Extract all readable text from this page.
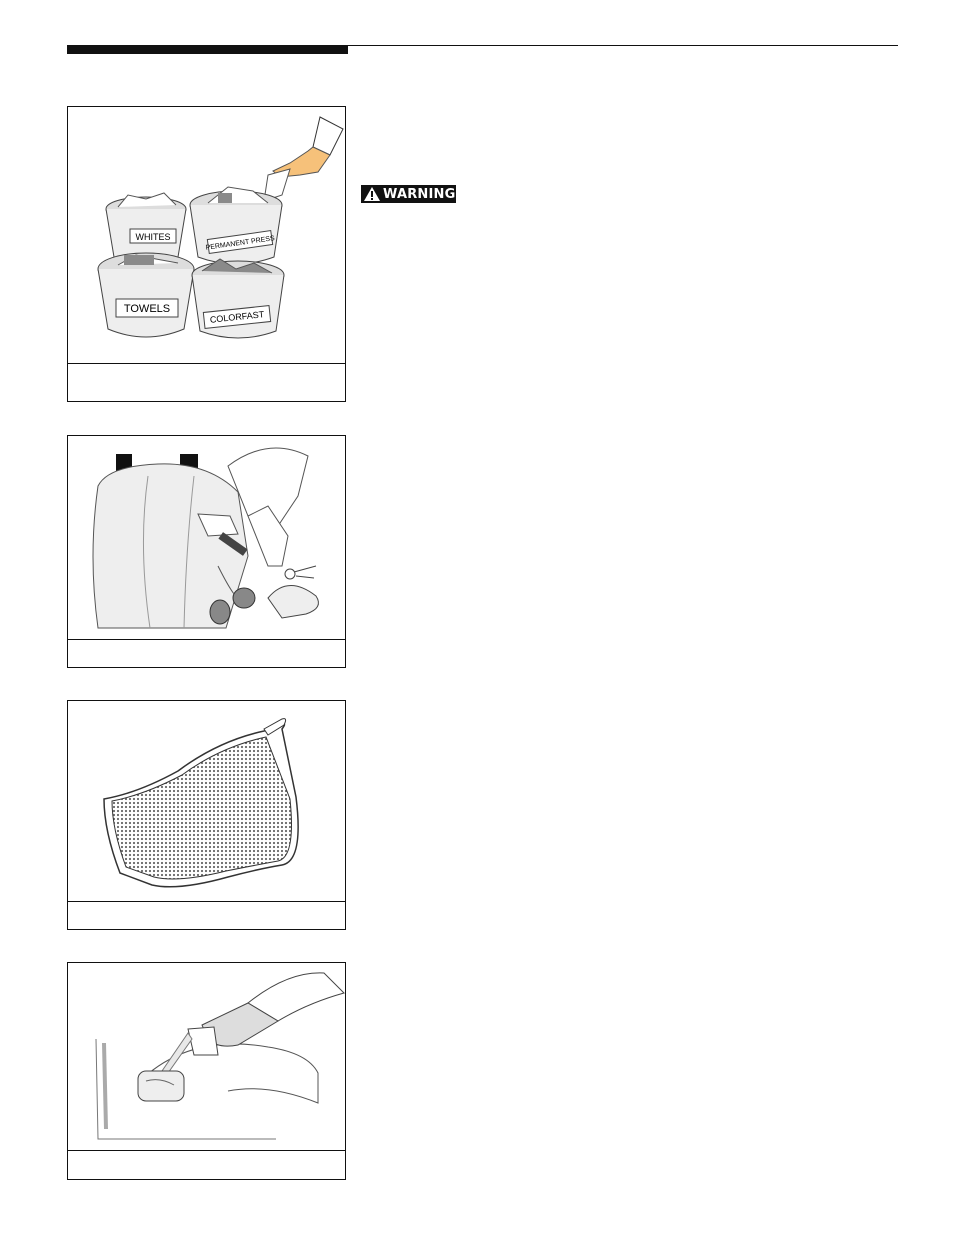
WHITES	PERMANENT PRESS
TOWELS
COLORFAST
WARNING
